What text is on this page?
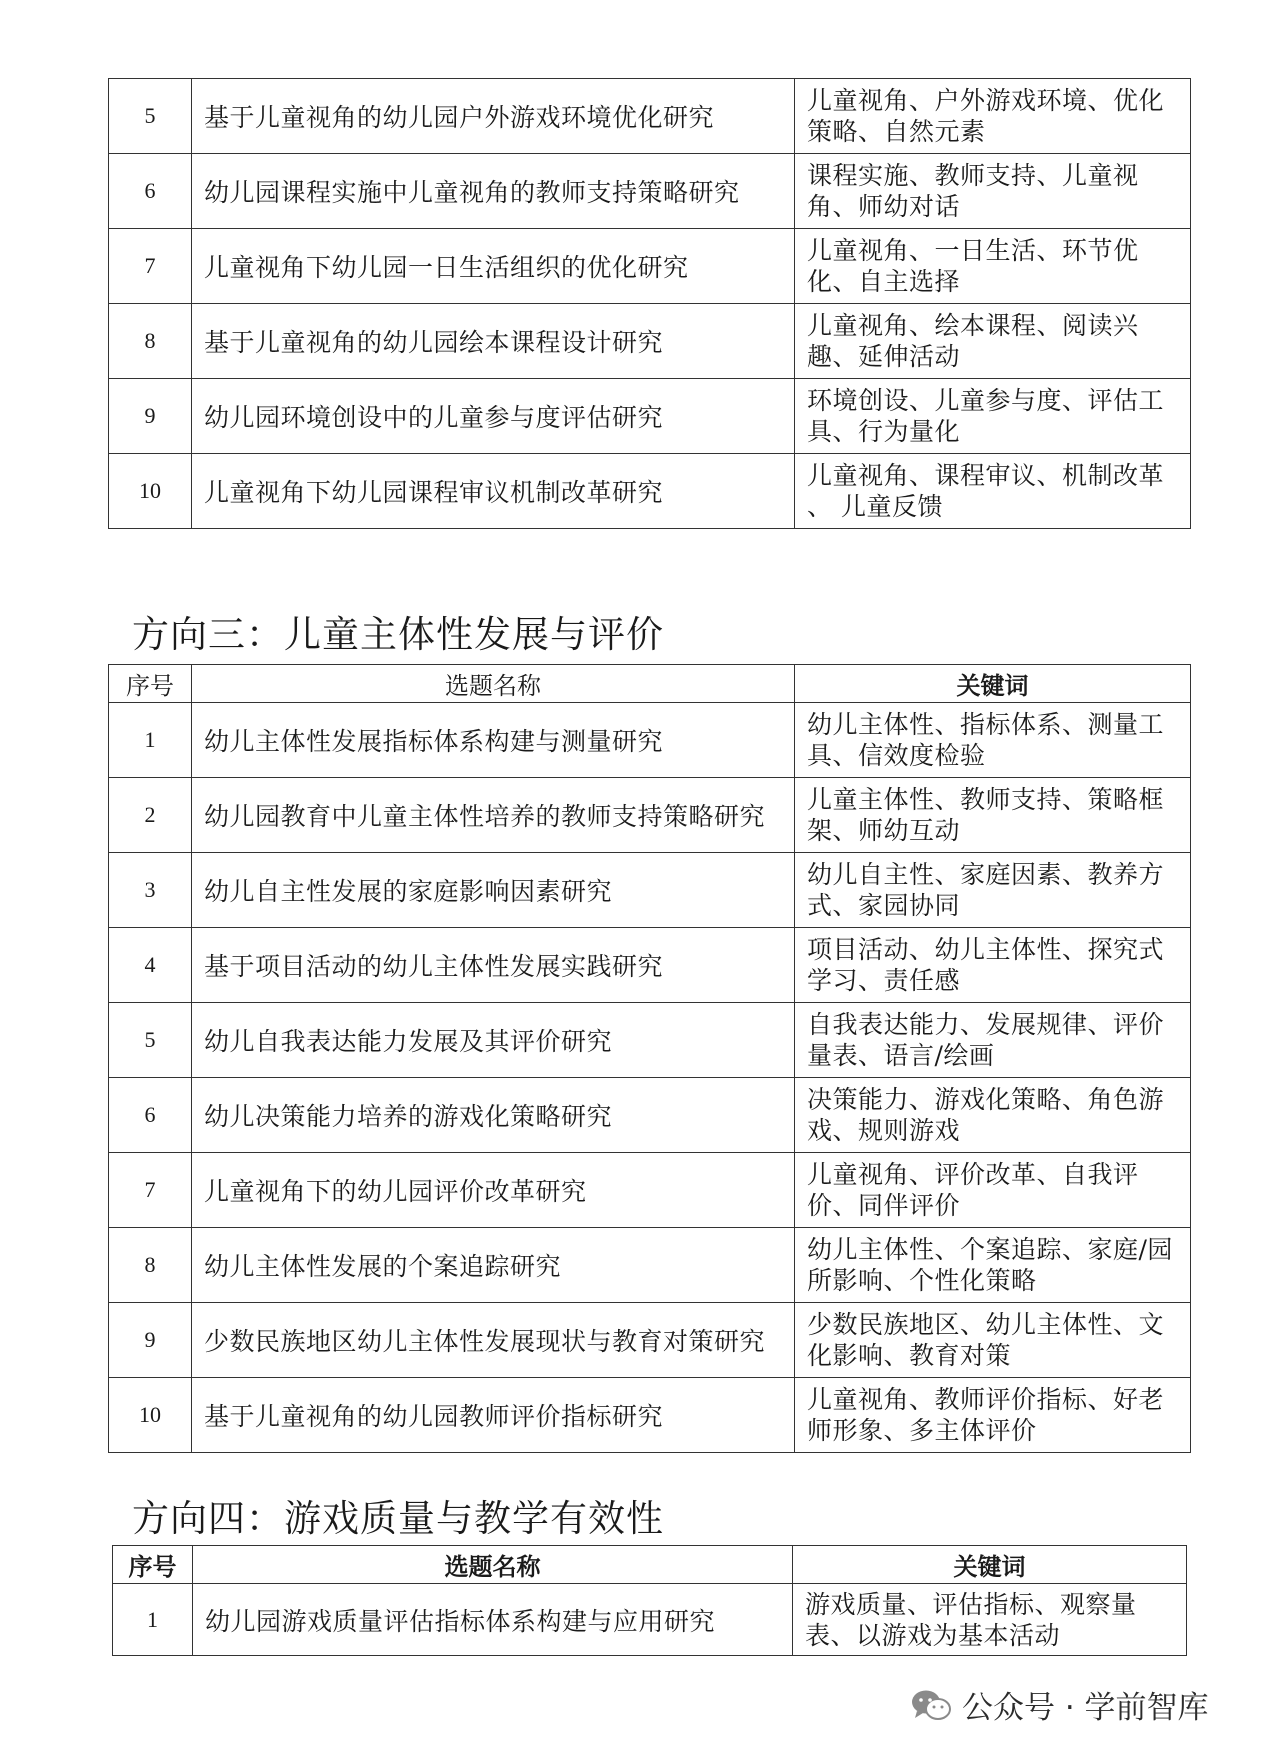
5	基于儿童视角的幼儿园户外游戏环境优化研究	儿童视角、户外游戏环境、优化策略、自然元素
6	幼儿园课程实施中儿童视角的教师支持策略研究	课程实施、教师支持、儿童视角、师幼对话
7	儿童视角下幼儿园一日生活组织的优化研究	儿童视角、一日生活、环节优化、自主选择
8	基于儿童视角的幼儿园绘本课程设计研究	儿童视角、绘本课程、阅读兴趣、延伸活动
9	幼儿园环境创设中的儿童参与度评估研究	环境创设、儿童参与度、评估工具、行为量化
10	儿童视角下幼儿园课程审议机制改革研究	儿童视角、课程审议、机制改革 、 儿童反馈
方向三：儿童主体性发展与评价
序号	选题名称	关键词
1	幼儿主体性发展指标体系构建与测量研究	幼儿主体性、指标体系、测量工具、信效度检验
2	幼儿园教育中儿童主体性培养的教师支持策略研究	儿童主体性、教师支持、策略框架、师幼互动
3	幼儿自主性发展的家庭影响因素研究	幼儿自主性、家庭因素、教养方式、家园协同
4	基于项目活动的幼儿主体性发展实践研究	项目活动、幼儿主体性、探究式学习、责任感
5	幼儿自我表达能力发展及其评价研究	自我表达能力、发展规律、评价量表、语言/绘画
6	幼儿决策能力培养的游戏化策略研究	决策能力、游戏化策略、角色游戏、规则游戏
7	儿童视角下的幼儿园评价改革研究	儿童视角、评价改革、自我评价、同伴评价
8	幼儿主体性发展的个案追踪研究	幼儿主体性、个案追踪、家庭/园所影响、个性化策略
9	少数民族地区幼儿主体性发展现状与教育对策研究	少数民族地区、幼儿主体性、文化影响、教育对策
10	基于儿童视角的幼儿园教师评价指标研究	儿童视角、教师评价指标、好老师形象、多主体评价
方向四：游戏质量与教学有效性
序号	选题名称	关键词
1	幼儿园游戏质量评估指标体系构建与应用研究	游戏质量、评估指标、观察量表、以游戏为基本活动
公众号 · 学前智库
